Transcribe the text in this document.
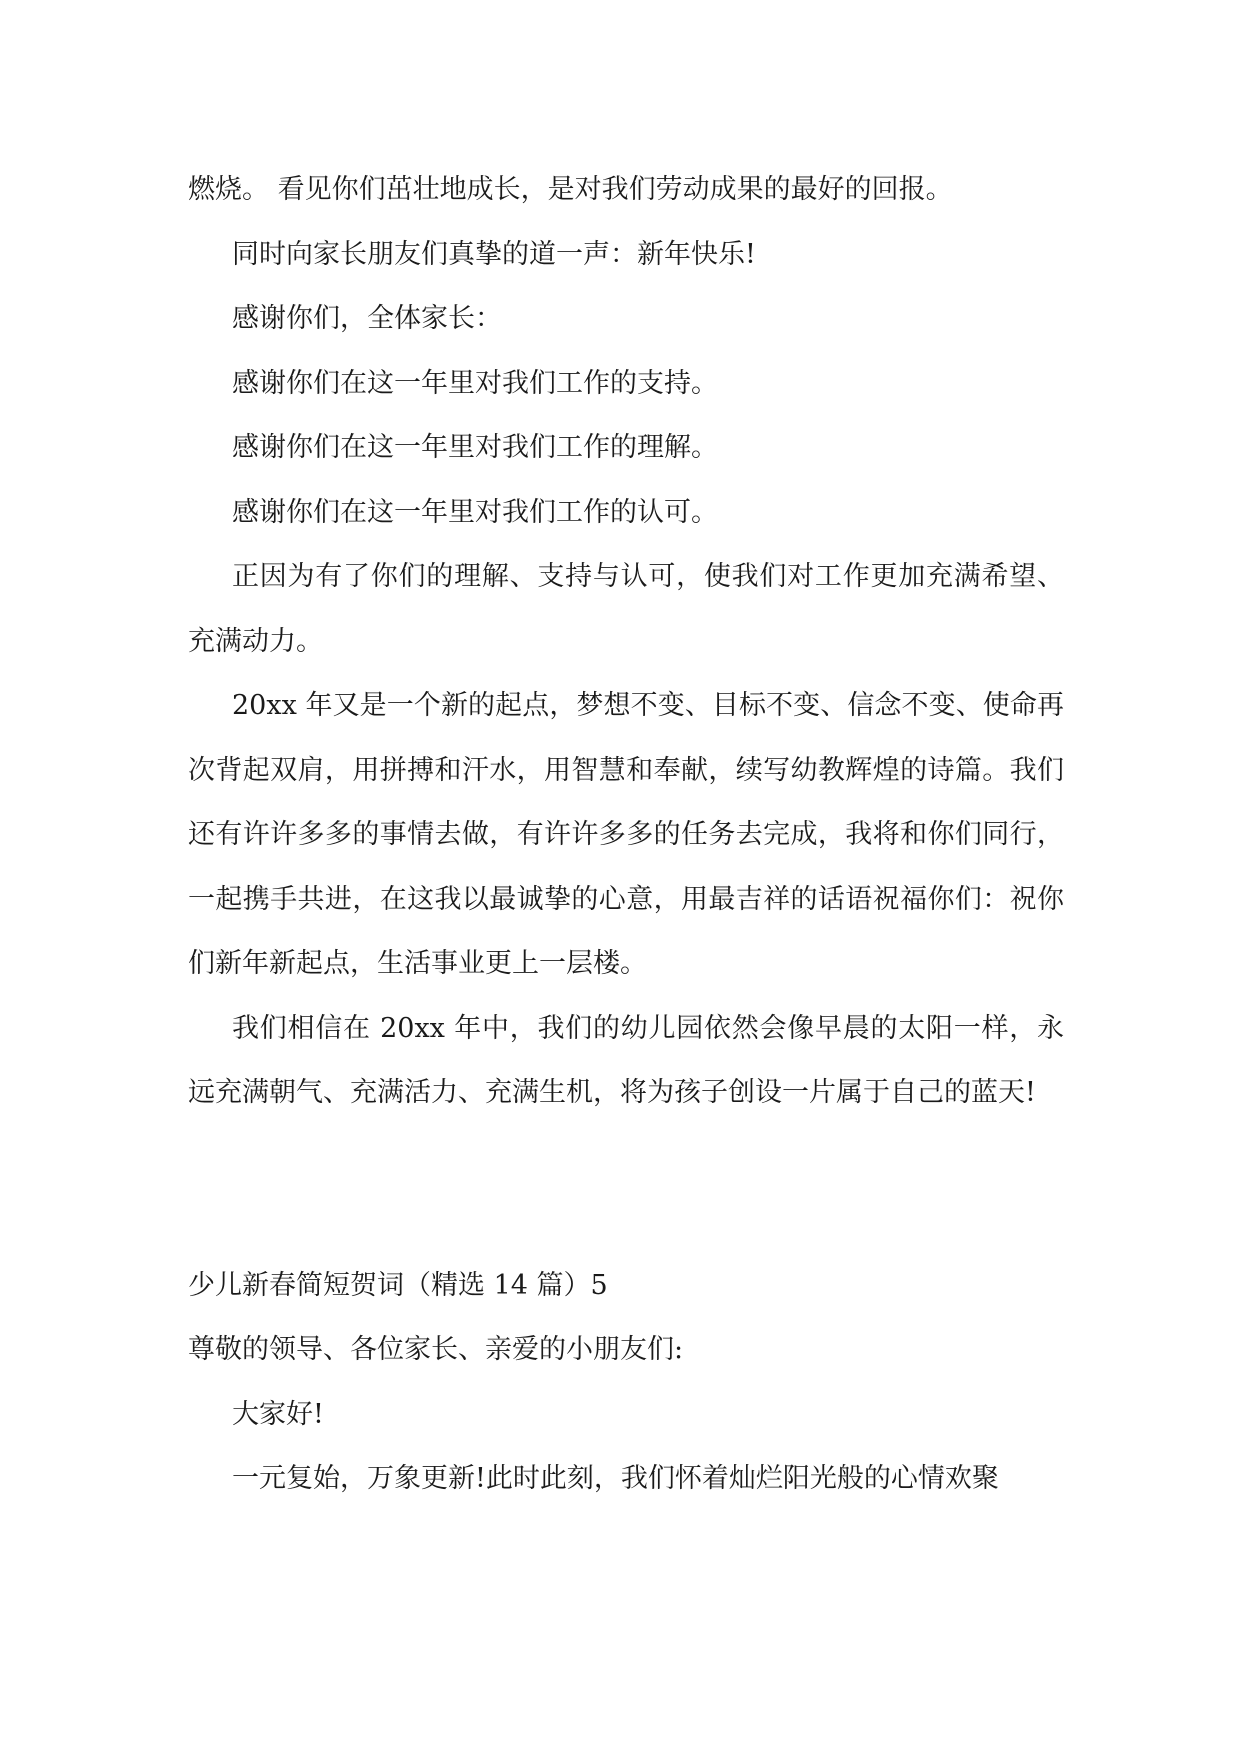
燃烧。 看见你们茁壮地成长，是对我们劳动成果的最好的回报。

同时向家长朋友们真挚的道一声：新年快乐!

感谢你们，全体家长：

感谢你们在这一年里对我们工作的支持。

感谢你们在这一年里对我们工作的理解。

感谢你们在这一年里对我们工作的认可。

正因为有了你们的理解、支持与认可，使我们对工作更加充满希望、充满动力。

20xx 年又是一个新的起点，梦想不变、目标不变、信念不变、使命再次背起双肩，用拼搏和汗水，用智慧和奉献，续写幼教辉煌的诗篇。我们还有许许多多的事情去做，有许许多多的任务去完成，我将和你们同行，一起携手共进，在这我以最诚挚的心意，用最吉祥的话语祝福你们：祝你们新年新起点，生活事业更上一层楼。

我们相信在 20xx 年中，我们的幼儿园依然会像早晨的太阳一样，永远充满朝气、充满活力、充满生机，将为孩子创设一片属于自己的蓝天!

少儿新春简短贺词（精选 14 篇）5

尊敬的领导、各位家长、亲爱的小朋友们:

大家好!

一元复始，万象更新!此时此刻，我们怀着灿烂阳光般的心情欢聚
